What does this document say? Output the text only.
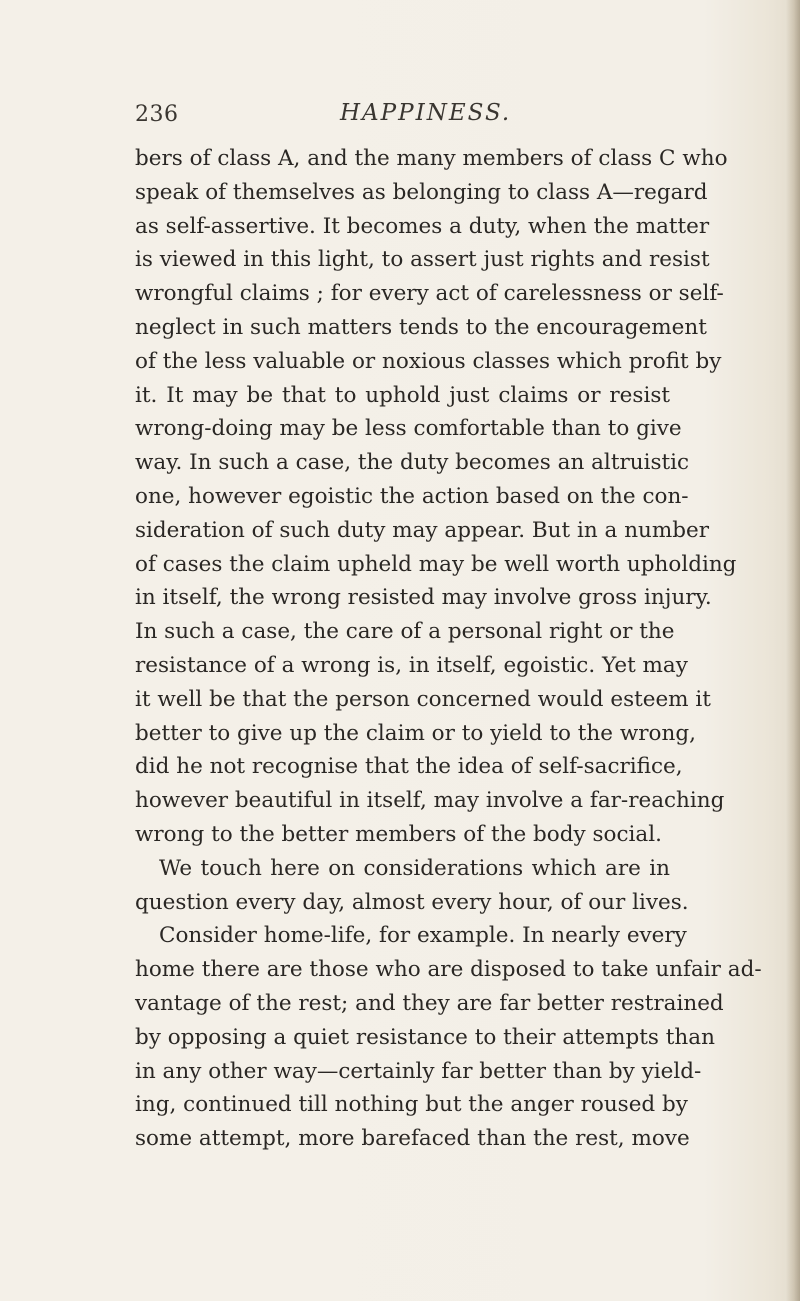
236	HAPPINESS.
bers of class A, and the many members of class C who
speak of themselves as belonging to class A—regard
as self-assertive. It becomes a duty, when the matter
is viewed in this light, to assert just rights and resist
wrongful claims ; for every act of carelessness or self-
neglect in such matters tends to the encouragement
of the less valuable or noxious classes which profit by
it. It may be that to uphold just claims or resist
wrong-doing may be less comfortable than to give
way. In such a case, the duty becomes an altruistic
one, however egoistic the action based on the con-
sideration of such duty may appear. But in a number
of cases the claim upheld may be well worth upholding
in itself, the wrong resisted may involve gross injury.
In such a case, the care of a personal right or the
resistance of a wrong is, in itself, egoistic. Yet may
it well be that the person concerned would esteem it
better to give up the claim or to yield to the wrong,
did he not recognise that the idea of self-sacrifice,
however beautiful in itself, may involve a far-reaching
wrong to the better members of the body social.
We touch here on considerations which are in
question every day, almost every hour, of our lives.
Consider home-life, for example. In nearly every
home there are those who are disposed to take unfair ad-
vantage of the rest; and they are far better restrained
by opposing a quiet resistance to their attempts than
in any other way—certainly far better than by yield-
ing, continued till nothing but the anger roused by
some attempt, more barefaced than the rest, move
